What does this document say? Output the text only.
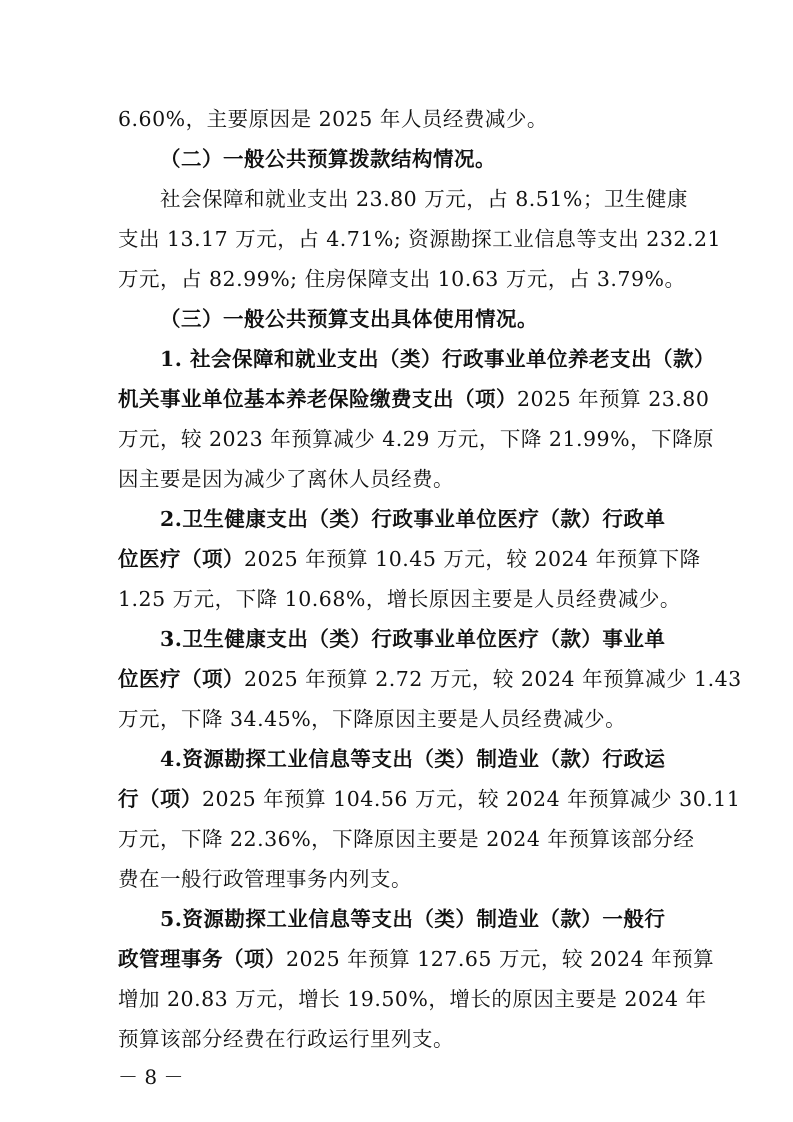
6.60%，主要原因是 2025 年人员经费减少。
（二）一般公共预算拨款结构情况。
社会保障和就业支出 23.80 万元，占 8.51%；卫生健康
支出 13.17 万元，占 4.71%; 资源勘探工业信息等支出 232.21
万元，占 82.99%; 住房保障支出 10.63 万元，占 3.79%。
（三）一般公共预算支出具体使用情况。
1. 社会保障和就业支出（类）行政事业单位养老支出（款）
机关事业单位基本养老保险缴费支出（项）2025 年预算 23.80
万元，较 2023 年预算减少 4.29 万元，下降 21.99%，下降原
因主要是因为减少了离休人员经费。
2.卫生健康支出（类）行政事业单位医疗（款）行政单
位医疗（项）2025 年预算 10.45 万元，较 2024 年预算下降
1.25 万元，下降 10.68%，增长原因主要是人员经费减少。
3.卫生健康支出（类）行政事业单位医疗（款）事业单
位医疗（项）2025 年预算 2.72 万元，较 2024 年预算减少 1.43
万元，下降 34.45%，下降原因主要是人员经费减少。
4.资源勘探工业信息等支出（类）制造业（款）行政运
行（项）2025 年预算 104.56 万元，较 2024 年预算减少 30.11
万元，下降 22.36%，下降原因主要是 2024 年预算该部分经
费在一般行政管理事务内列支。
5.资源勘探工业信息等支出（类）制造业（款）一般行
政管理事务（项）2025 年预算 127.65 万元，较 2024 年预算
增加 20.83 万元，增长 19.50%，增长的原因主要是 2024 年
预算该部分经费在行政运行里列支。
－ 8 －
